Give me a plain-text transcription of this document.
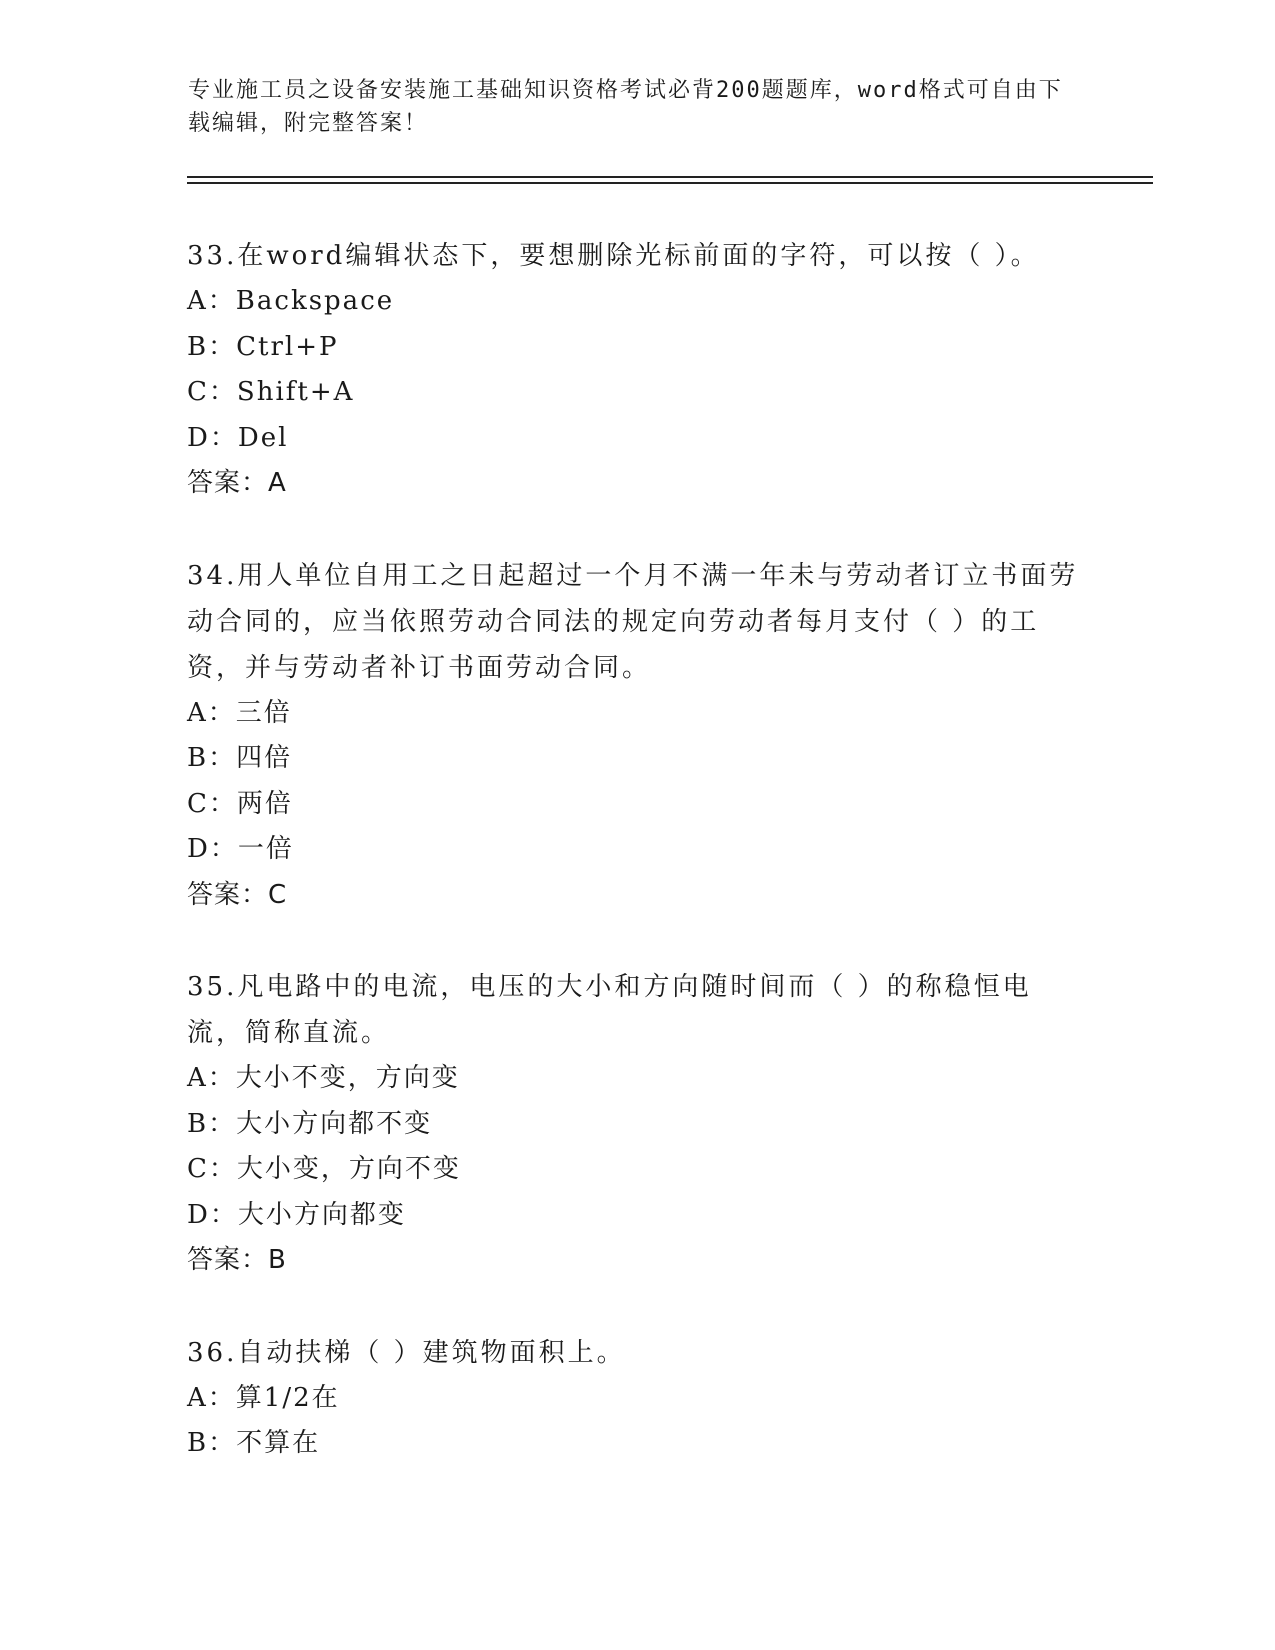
专业施工员之设备安装施工基础知识资格考试必背200题题库，word格式可自由下载编辑，附完整答案！
33.在word编辑状态下，要想删除光标前面的字符，可以按（ ）。
A：Backspace
B：Ctrl+P
C：Shift+A
D：Del
答案：A
34.用人单位自用工之日起超过一个月不满一年未与劳动者订立书面劳动合同的，应当依照劳动合同法的规定向劳动者每月支付（ ）的工资，并与劳动者补订书面劳动合同。
A：三倍
B：四倍
C：两倍
D：一倍
答案：C
35.凡电路中的电流，电压的大小和方向随时间而（ ）的称稳恒电流，简称直流。
A：大小不变，方向变
B：大小方向都不变
C：大小变，方向不变
D：大小方向都变
答案：B
36.自动扶梯（ ）建筑物面积上。
A：算1/2在
B：不算在
